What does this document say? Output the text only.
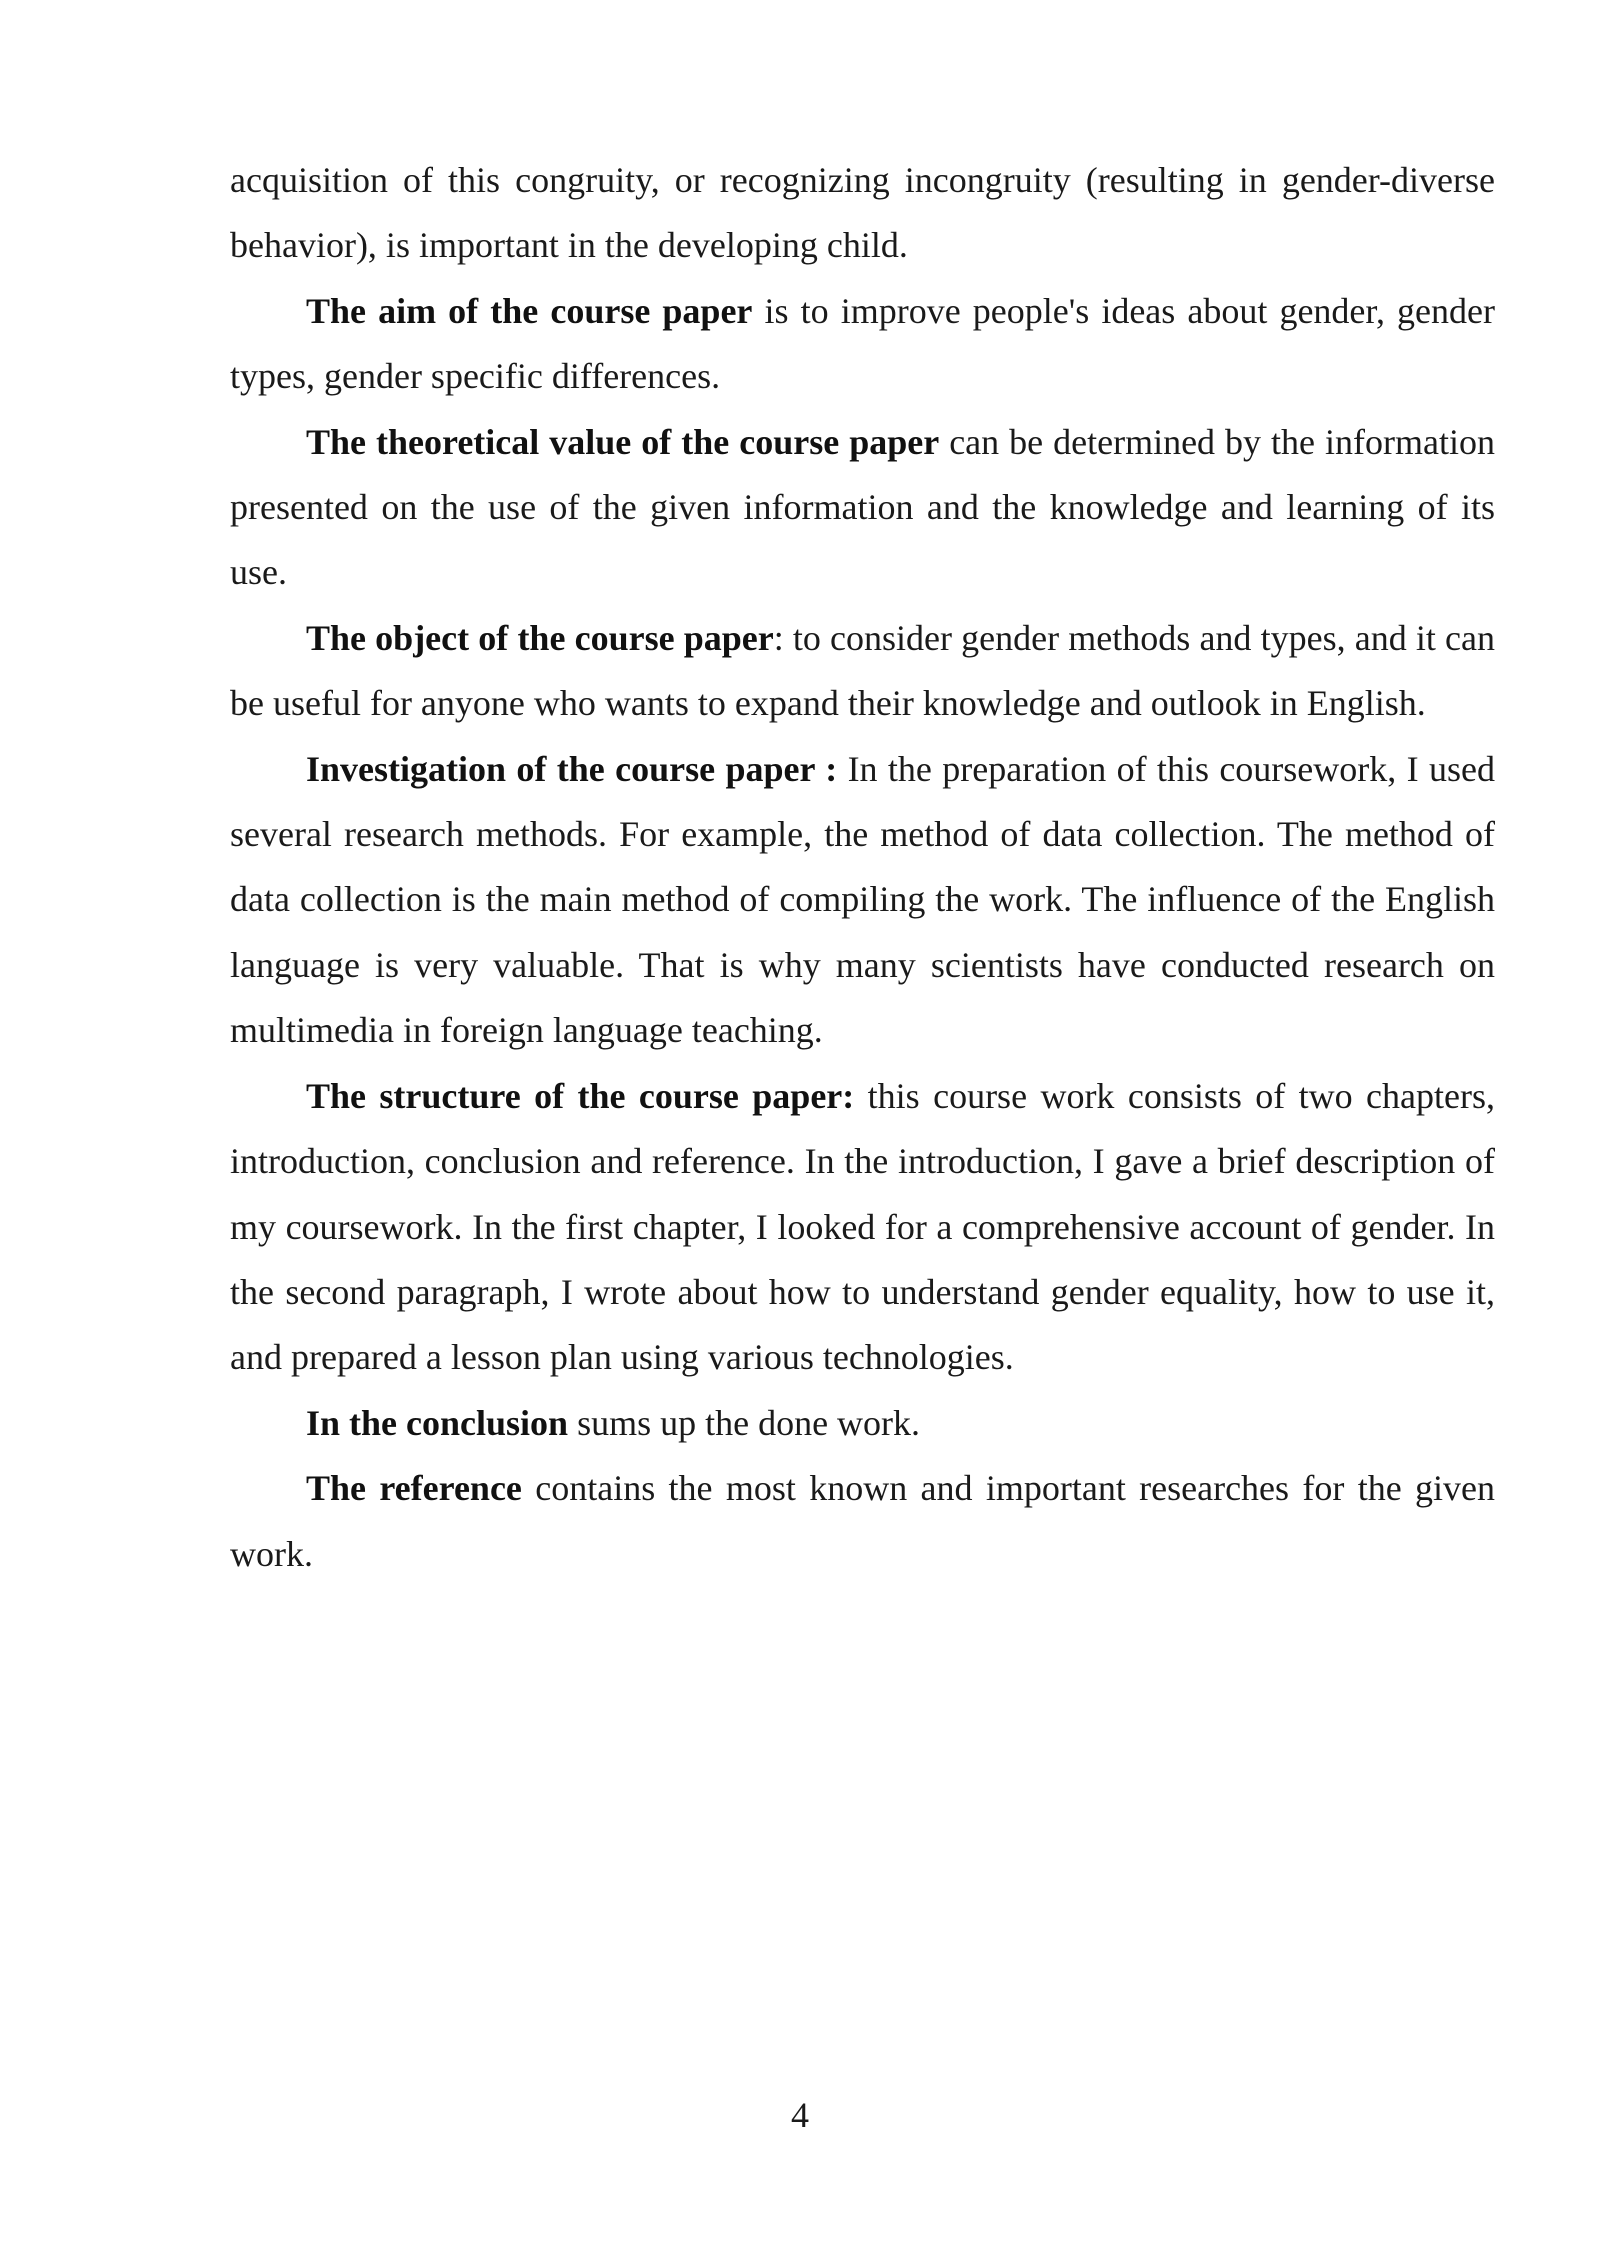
acquisition of this congruity, or recognizing incongruity (resulting in gender-diverse behavior), is important in the developing child.

The aim of the course paper is to improve people's ideas about gender, gender types, gender specific differences.

The theoretical value of the course paper can be determined by the information presented on the use of the given information and the knowledge and learning of its use.

The object of the course paper: to consider gender methods and types, and it can be useful for anyone who wants to expand their knowledge and outlook in English.

Investigation of the course paper : In the preparation of this coursework, I used several research methods. For example, the method of data collection. The method of data collection is the main method of compiling the work. The influence of the English language is very valuable. That is why many scientists have conducted research on multimedia in foreign language teaching.

The structure of the course paper: this course work consists of two chapters, introduction, conclusion and reference. In the introduction, I gave a brief description of my coursework. In the first chapter, I looked for a comprehensive account of gender. In the second paragraph, I wrote about how to understand gender equality, how to use it, and prepared a lesson plan using various technologies.

In the conclusion sums up the done work.

The reference contains the most known and important researches for the given work.

4
